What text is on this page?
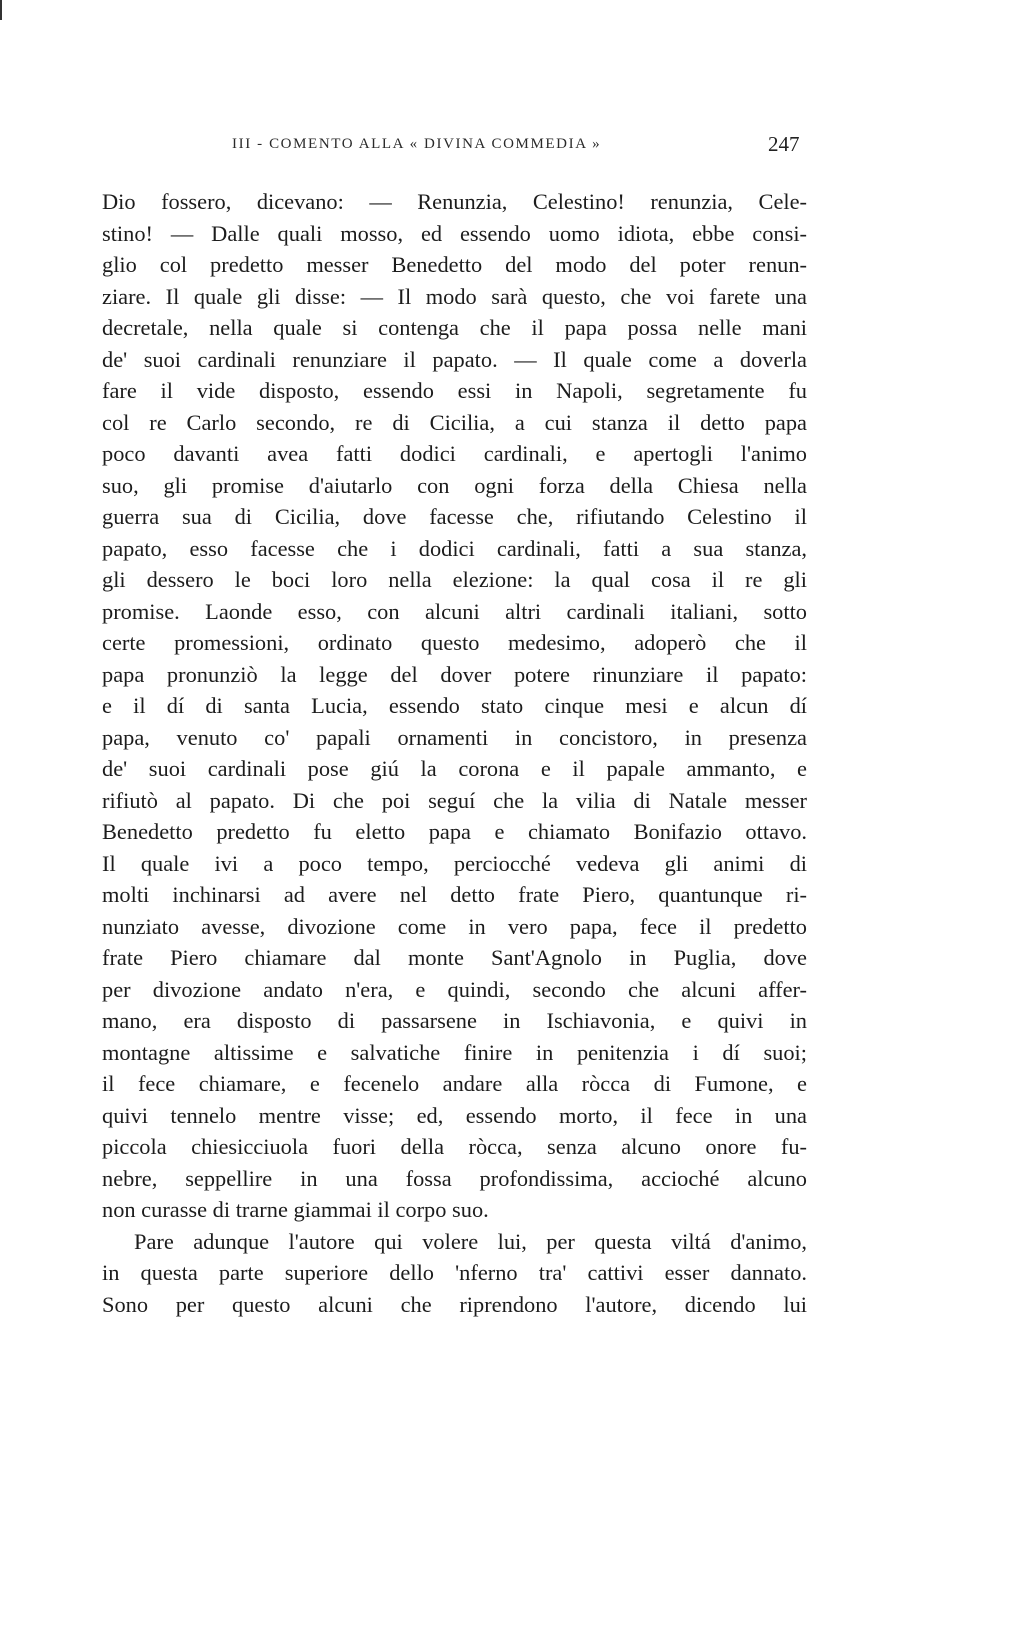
III - COMENTO ALLA « DIVINA COMMEDIA »	247
Dio fossero, dicevano: — Renunzia, Celestino! renunzia, Cele-
stino! — Dalle quali mosso, ed essendo uomo idiota, ebbe consi-
glio col predetto messer Benedetto del modo del poter renun-
ziare. Il quale gli disse: — Il modo sarà questo, che voi farete una
decretale, nella quale si contenga che il papa possa nelle mani
de' suoi cardinali renunziare il papato. — Il quale come a doverla
fare il vide disposto, essendo essi in Napoli, segretamente fu
col re Carlo secondo, re di Cicilia, a cui stanza il detto papa
poco davanti avea fatti dodici cardinali, e apertogli l'animo
suo, gli promise d'aiutarlo con ogni forza della Chiesa nella
guerra sua di Cicilia, dove facesse che, rifiutando Celestino il
papato, esso facesse che i dodici cardinali, fatti a sua stanza,
gli dessero le boci loro nella elezione: la qual cosa il re gli
promise. Laonde esso, con alcuni altri cardinali italiani, sotto
certe promessioni, ordinato questo medesimo, adoperò che il
papa pronunziò la legge del dover potere rinunziare il papato:
e il dí di santa Lucia, essendo stato cinque mesi e alcun dí
papa, venuto co' papali ornamenti in concistoro, in presenza
de' suoi cardinali pose giú la corona e il papale ammanto, e
rifiutò al papato. Di che poi seguí che la vilia di Natale messer
Benedetto predetto fu eletto papa e chiamato Bonifazio ottavo.
Il quale ivi a poco tempo, perciocché vedeva gli animi di
molti inchinarsi ad avere nel detto frate Piero, quantunque ri-
nunziato avesse, divozione come in vero papa, fece il predetto
frate Piero chiamare dal monte Sant'Agnolo in Puglia, dove
per divozione andato n'era, e quindi, secondo che alcuni affer-
mano, era disposto di passarsene in Ischiavonia, e quivi in
montagne altissime e salvatiche finire in penitenzia i dí suoi;
il fece chiamare, e fecenelo andare alla ròcca di Fumone, e
quivi tennelo mentre visse; ed, essendo morto, il fece in una
piccola chiesicciuola fuori della ròcca, senza alcuno onore fu-
nebre, seppellire in una fossa profondissima, accioché alcuno
non curasse di trarne giammai il corpo suo.
Pare adunque l'autore qui volere lui, per questa viltá d'animo,
in questa parte superiore dello 'nferno tra' cattivi esser dannato.
Sono per questo alcuni che riprendono l'autore, dicendo lui
